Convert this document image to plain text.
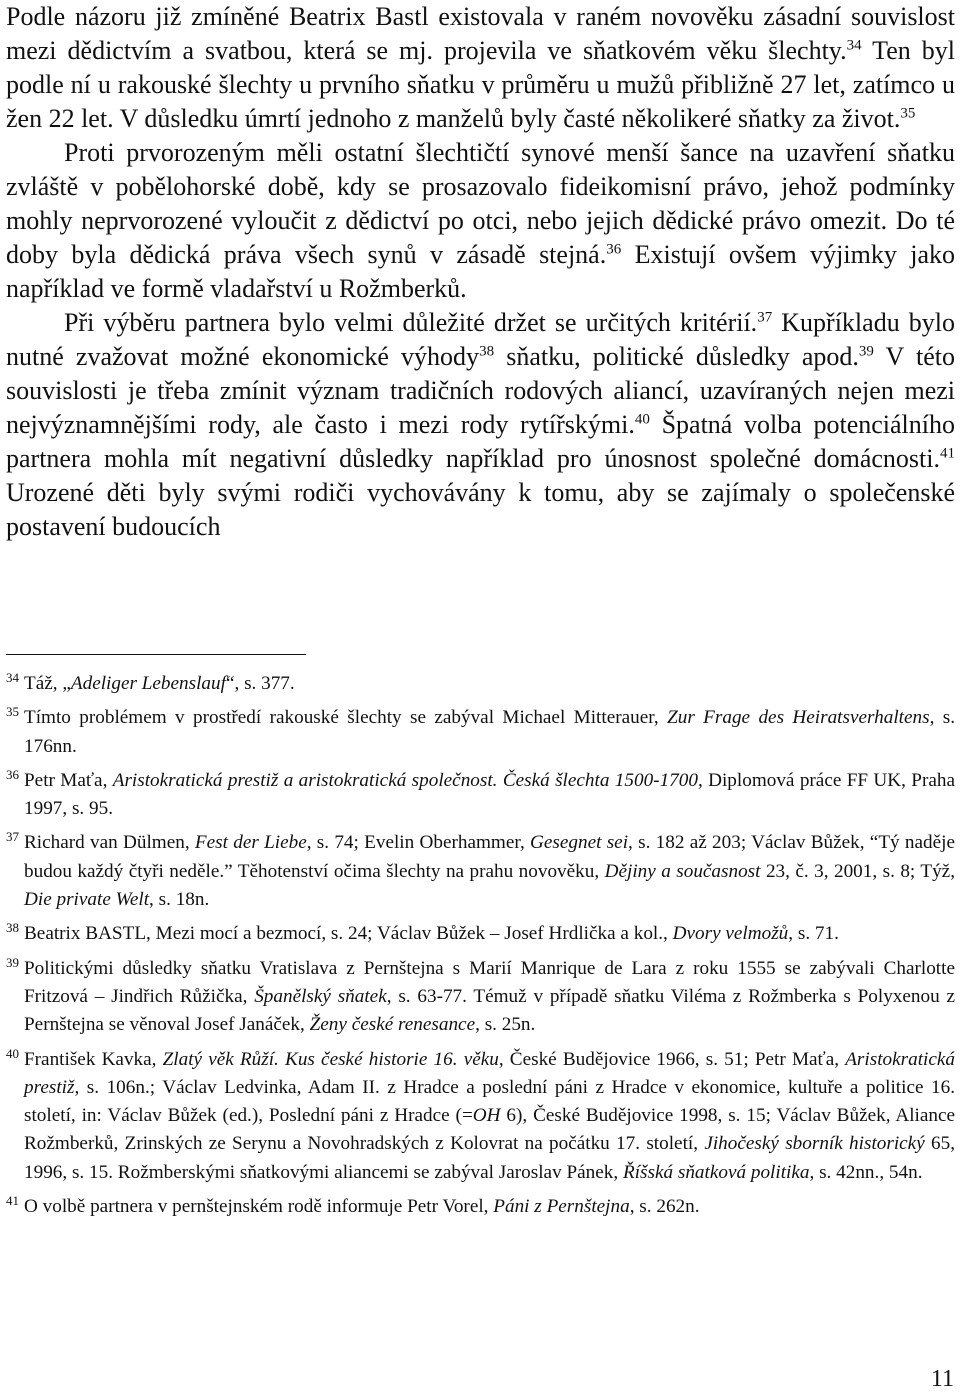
Podle názoru již zmíněné Beatrix Bastl existovala v raném novověku zásadní souvislost mezi dědictvím a svatbou, která se mj. projevila ve sňatkovém věku šlechty.$^{34}$ Ten byl podle ní u rakouské šlechty u prvního sňatku v průměru u mužů přibližně 27 let, zatímco u žen 22 let. V důsledku úmrtí jednoho z manželů byly časté několikeré sňatky za život.$^{35}$

Proti prvorozeným měli ostatní šlechtičtí synové menší šance na uzavření sňatku zvláště v pobělohorské době, kdy se prosazovalo fideikomisní právo, jehož podmínky mohly neprvorozené vyloučit z dědictví po otci, nebo jejich dědické právo omezit. Do té doby byla dědická práva všech synů v zásadě stejná.$^{36}$ Existují ovšem výjimky jako například ve formě vladařství u Rožmberků.

Při výběru partnera bylo velmi důležité držet se určitých kritérií.$^{37}$ Kupříkladu bylo nutné zvažovat možné ekonomické výhody$^{38}$ sňatku, politické důsledky apod.$^{39}$ V této souvislosti je třeba zmínit význam tradičních rodových aliancí, uzavíraných nejen mezi nejvýznamnějšími rody, ale často i mezi rody rytířskými.$^{40}$ Špatná volba potenciálního partnera mohla mít negativní důsledky například pro únosnost společné domácnosti.$^{41}$ Urozené děti byly svými rodiči vychovávány k tomu, aby se zajímaly o společenské postavení budoucích

34 Táž, „Adeliger Lebenslauf“, s. 377.

35 Tímto problémem v prostředí rakouské šlechty se zabýval Michael Mitterauer, Zur Frage des Heiratsverhaltens, s. 176nn.

36 Petr Maťa, Aristokratická prestiž a aristokratická společnost. Česká šlechta 1500-1700, Diplomová práce FF UK, Praha 1997, s. 95.

37 Richard van Dülmen, Fest der Liebe, s. 74; Evelin Oberhammer, Gesegnet sei, s. 182 až 203; Václav Bůžek, “Tý naděje budou každý čtyři neděle.” Těhotenství očima šlechty na prahu novověku, Dějiny a současnost 23, č. 3, 2001, s. 8; Týž, Die private Welt, s. 18n.

38 Beatrix BASTL, Mezi mocí a bezmocí, s. 24; Václav Bůžek – Josef Hrdlička a kol., Dvory velmožů, s. 71.

39 Politickými důsledky sňatku Vratislava z Pernštejna s Marií Manrique de Lara z roku 1555 se zabývali Charlotte Fritzová – Jindřich Růžička, Španělský sňatek, s. 63-77. Témuž v případě sňatku Viléma z Rožmberka s Polyxenou z Pernštejna se věnoval Josef Janáček, Ženy české renesance, s. 25n.

40 František Kavka, Zlatý věk Růží. Kus české historie 16. věku, České Budějovice 1966, s. 51; Petr Maťa, Aristokratická prestiž, s. 106n.; Václav Ledvinka, Adam II. z Hradce a poslední páni z Hradce v ekonomice, kultuře a politice 16. století, in: Václav Bůžek (ed.), Poslední páni z Hradce (=OH 6), České Budějovice 1998, s. 15; Václav Bůžek, Aliance Rožmberků, Zrinských ze Serynu a Novohradských z Kolovrat na počátku 17. století, Jihočeský sborník historický 65, 1996, s. 15. Rožmberskými sňatkovými aliancemi se zabýval Jaroslav Pánek, Říšská sňatková politika, s. 42nn., 54n.

41 O volbě partnera v pernštejnském rodě informuje Petr Vorel, Páni z Pernštejna, s. 262n.

11
